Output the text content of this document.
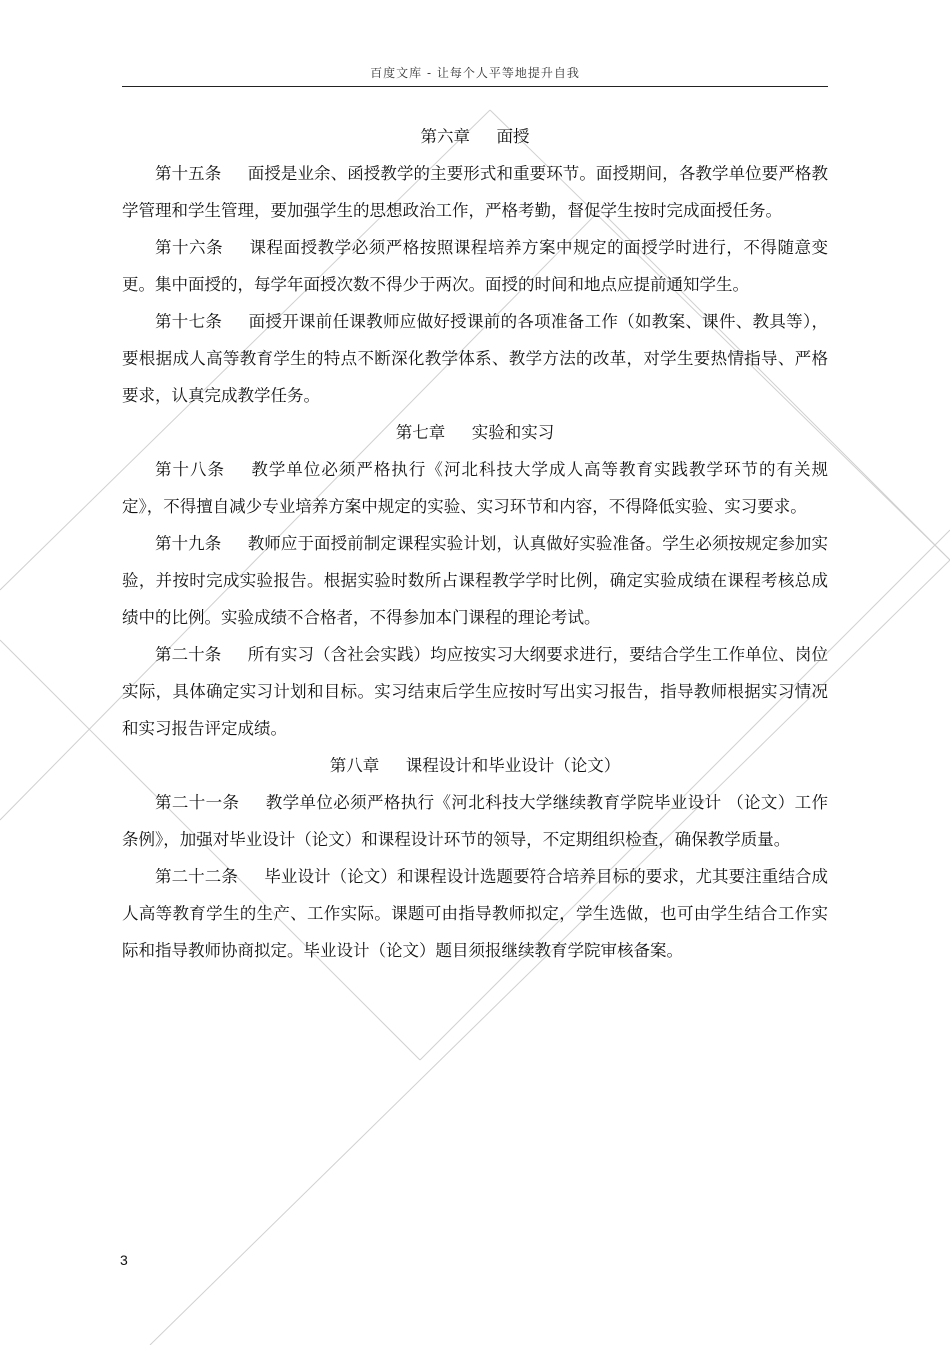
百度文库 - 让每个人平等地提升自我

第六章 面授

第十五条 面授是业余、函授教学的主要形式和重要环节。面授期间，各教学单位要严格教学管理和学生管理，要加强学生的思想政治工作，严格考勤，督促学生按时完成面授任务。

第十六条 课程面授教学必须严格按照课程培养方案中规定的面授学时进行，不得随意变更。集中面授的，每学年面授次数不得少于两次。面授的时间和地点应提前通知学生。

第十七条 面授开课前任课教师应做好授课前的各项准备工作（如教案、课件、教具等），要根据成人高等教育学生的特点不断深化教学体系、教学方法的改革，对学生要热情指导、严格要求，认真完成教学任务。

第七章 实验和实习

第十八条 教学单位必须严格执行《河北科技大学成人高等教育实践教学环节的有关规定》，不得擅自减少专业培养方案中规定的实验、实习环节和内容，不得降低实验、实习要求。

第十九条 教师应于面授前制定课程实验计划，认真做好实验准备。学生必须按规定参加实验，并按时完成实验报告。根据实验时数所占课程教学学时比例，确定实验成绩在课程考核总成绩中的比例。实验成绩不合格者，不得参加本门课程的理论考试。

第二十条 所有实习（含社会实践）均应按实习大纲要求进行，要结合学生工作单位、岗位实际，具体确定实习计划和目标。实习结束后学生应按时写出实习报告，指导教师根据实习情况和实习报告评定成绩。

第八章 课程设计和毕业设计（论文）

第二十一条 教学单位必须严格执行《河北科技大学继续教育学院毕业设计 （论文）工作条例》，加强对毕业设计（论文）和课程设计环节的领导，不定期组织检查，确保教学质量。

第二十二条 毕业设计（论文）和课程设计选题要符合培养目标的要求，尤其要注重结合成人高等教育学生的生产、工作实际。课题可由指导教师拟定，学生选做，也可由学生结合工作实际和指导教师协商拟定。毕业设计（论文）题目须报继续教育学院审核备案。

3
